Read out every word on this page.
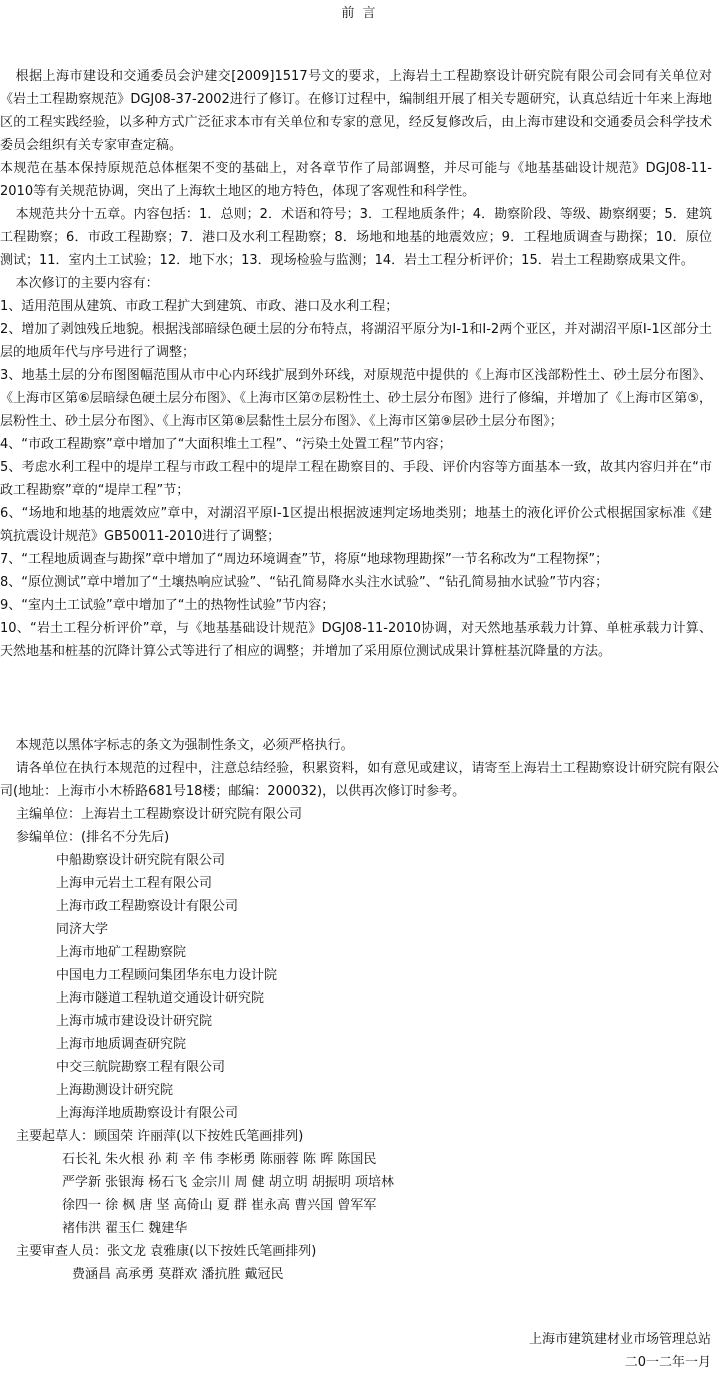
前 言

根据上海市建设和交通委员会沪建交[2009]1517号文的要求，上海岩土工程勘察设计研究院有限公司会同有关单位对《岩土工程勘察规范》DGJ08-37-2002进行了修订。在修订过程中，编制组开展了相关专题研究，认真总结近十年来上海地区的工程实践经验，以多种方式广泛征求本市有关单位和专家的意见，经反复修改后，由上海市建设和交通委员会科学技术委员会组织有关专家审查定稿。

本规范在基本保持原规范总体框架不变的基础上，对各章节作了局部调整，并尽可能与《地基基础设计规范》DGJ08-11-2010等有关规范协调，突出了上海软土地区的地方特色，体现了客观性和科学性。

本规范共分十五章。内容包括：1．总则；2．术语和符号；3．工程地质条件；4．勘察阶段、等级、勘察纲要；5．建筑工程勘察；6．市政工程勘察；7．港口及水利工程勘察；8．场地和地基的地震效应；9．工程地质调查与勘探；10．原位测试；11．室内土工试验；12．地下水；13．现场检验与监测；14．岩土工程分析评价；15．岩土工程勘察成果文件。

本次修订的主要内容有：

1、适用范围从建筑、市政工程扩大到建筑、市政、港口及水利工程；

2、增加了剥蚀残丘地貌。根据浅部暗绿色硬土层的分布特点，将湖沼平原分为Ⅰ-1和Ⅰ-2两个亚区，并对湖沼平原Ⅰ-1区部分土层的地质年代与序号进行了调整；

3、地基土层的分布图图幅范围从市中心内环线扩展到外环线，对原规范中提供的《上海市区浅部粉性土、砂土层分布图》、《上海市区第⑥层暗绿色硬土层分布图》、《上海市区第⑦层粉性土、砂土层分布图》进行了修编，并增加了《上海市区第⑤，层粉性土、砂土层分布图》、《上海市区第⑧层黏性土层分布图》、《上海市区第⑨层砂土层分布图》；

4、“市政工程勘察”章中增加了“大面积堆土工程”、“污染土处置工程”节内容；

5、考虑水利工程中的堤岸工程与市政工程中的堤岸工程在勘察目的、手段、评价内容等方面基本一致，故其内容归并在“市政工程勘察”章的“堤岸工程”节；

6、“场地和地基的地震效应”章中，对湖沼平原Ⅰ-1区提出根据波速判定场地类别；地基土的液化评价公式根据国家标准《建筑抗震设计规范》GB50011-2010进行了调整；

7、“工程地质调查与勘探”章中增加了“周边环境调查”节，将原“地球物理勘探”一节名称改为“工程物探”；

8、“原位测试”章中增加了“土壤热响应试验”、“钻孔简易降水头注水试验”、“钻孔简易抽水试验”节内容；

9、“室内土工试验”章中增加了“土的热物性试验”节内容；

10、“岩土工程分析评价”章，与《地基基础设计规范》DGJ08-11-2010协调，对天然地基承载力计算、单桩承载力计算、天然地基和桩基的沉降计算公式等进行了相应的调整；并增加了采用原位测试成果计算桩基沉降量的方法。

本规范以黑体字标志的条文为强制性条文，必须严格执行。

请各单位在执行本规范的过程中，注意总结经验，积累资料，如有意见或建议，请寄至上海岩土工程勘察设计研究院有限公司(地址：上海市小木桥路681号18楼；邮编：200032)，以供再次修订时参考。

主编单位：上海岩土工程勘察设计研究院有限公司

参编单位：(排名不分先后)

中船勘察设计研究院有限公司
上海申元岩土工程有限公司
上海市政工程勘察设计有限公司
同济大学
上海市地矿工程勘察院
中国电力工程顾问集团华东电力设计院
上海市隧道工程轨道交通设计研究院
上海市城市建设设计研究院
上海市地质调查研究院
中交三航院勘察工程有限公司
上海勘测设计研究院
上海海洋地质勘察设计有限公司

主要起草人：顾国荣 许丽萍(以下按姓氏笔画排列)

石长礼 朱火根 孙 莉 辛 伟 李彬勇 陈丽蓉 陈 晖 陈国民
严学新 张银海 杨石飞 金宗川 周 健 胡立明 胡振明 项培林
徐四一 徐 枫 唐 坚 高倚山 夏 群 崔永高 曹兴国 曾军军
褚伟洪 翟玉仁 魏建华

主要审查人员：张文龙 袁雅康(以下按姓氏笔画排列)

费涵昌 高承勇 莫群欢 潘抗胜 戴冠民
上海市建筑建材业市场管理总站
二0一二年一月
